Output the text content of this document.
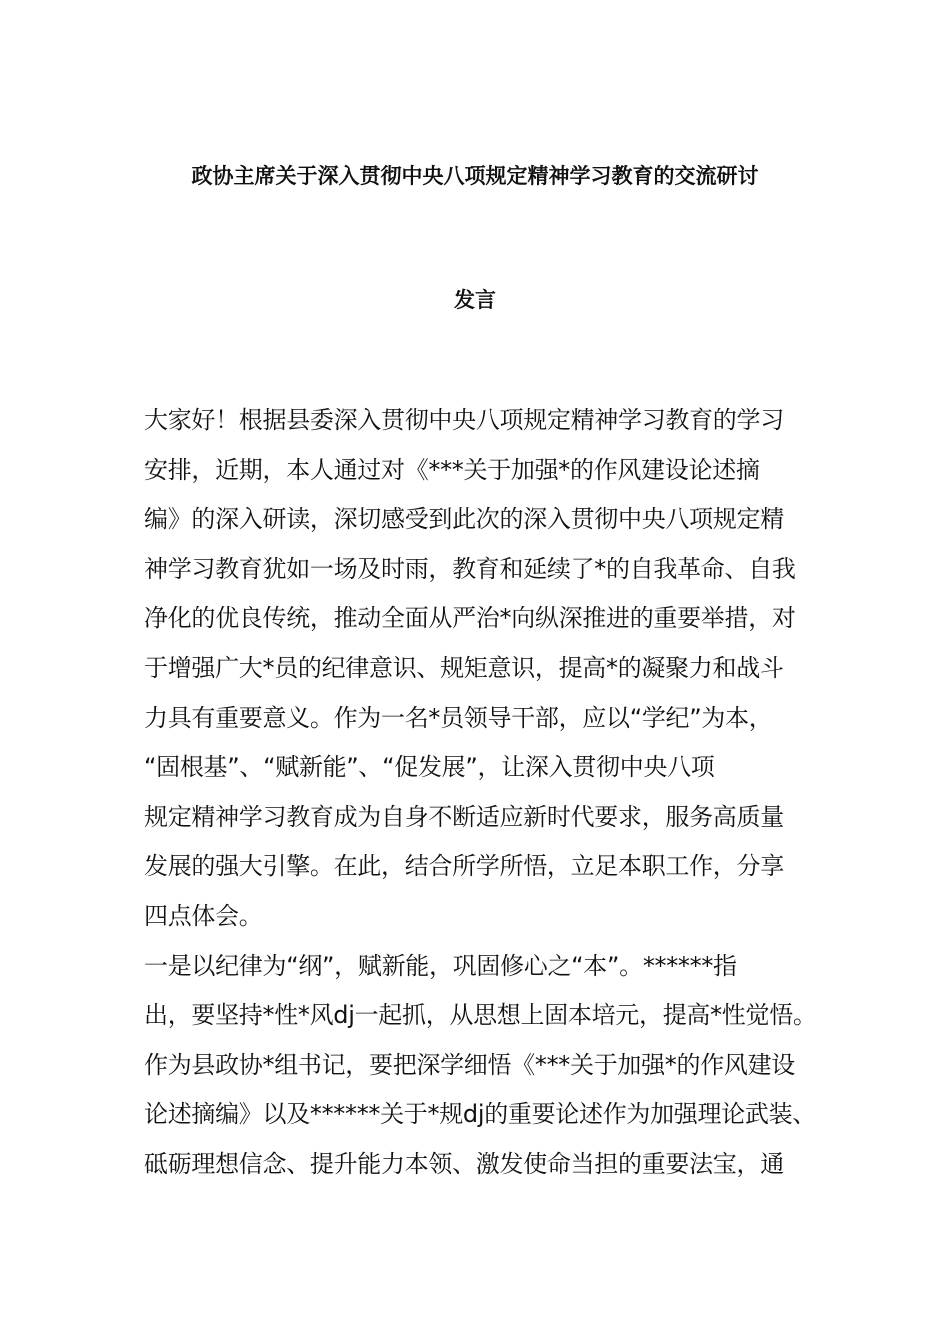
政协主席关于深入贯彻中央八项规定精神学习教育的交流研讨
发言
大家好！根据县委深入贯彻中央八项规定精神学习教育的学习
安排，近期，本人通过对《***关于加强*的作风建设论述摘
编》的深入研读，深切感受到此次的深入贯彻中央八项规定精
神学习教育犹如一场及时雨，教育和延续了*的自我革命、自我
净化的优良传统，推动全面从严治*向纵深推进的重要举措，对
于增强广大*员的纪律意识、规矩意识，提高*的凝聚力和战斗
力具有重要意义。作为一名*员领导干部，应以“学纪”为本，
“固根基”、“赋新能”、“促发展”，让深入贯彻中央八项
规定精神学习教育成为自身不断适应新时代要求，服务高质量
发展的强大引擎。在此，结合所学所悟，立足本职工作，分享
四点体会。
一是以纪律为“纲”，赋新能，巩固修心之“本”。******指
出，要坚持*性*风dj一起抓，从思想上固本培元，提高*性觉悟。
作为县政协*组书记，要把深学细悟《***关于加强*的作风建设
论述摘编》以及******关于*规dj的重要论述作为加强理论武装、
砥砺理想信念、提升能力本领、激发使命当担的重要法宝，通
